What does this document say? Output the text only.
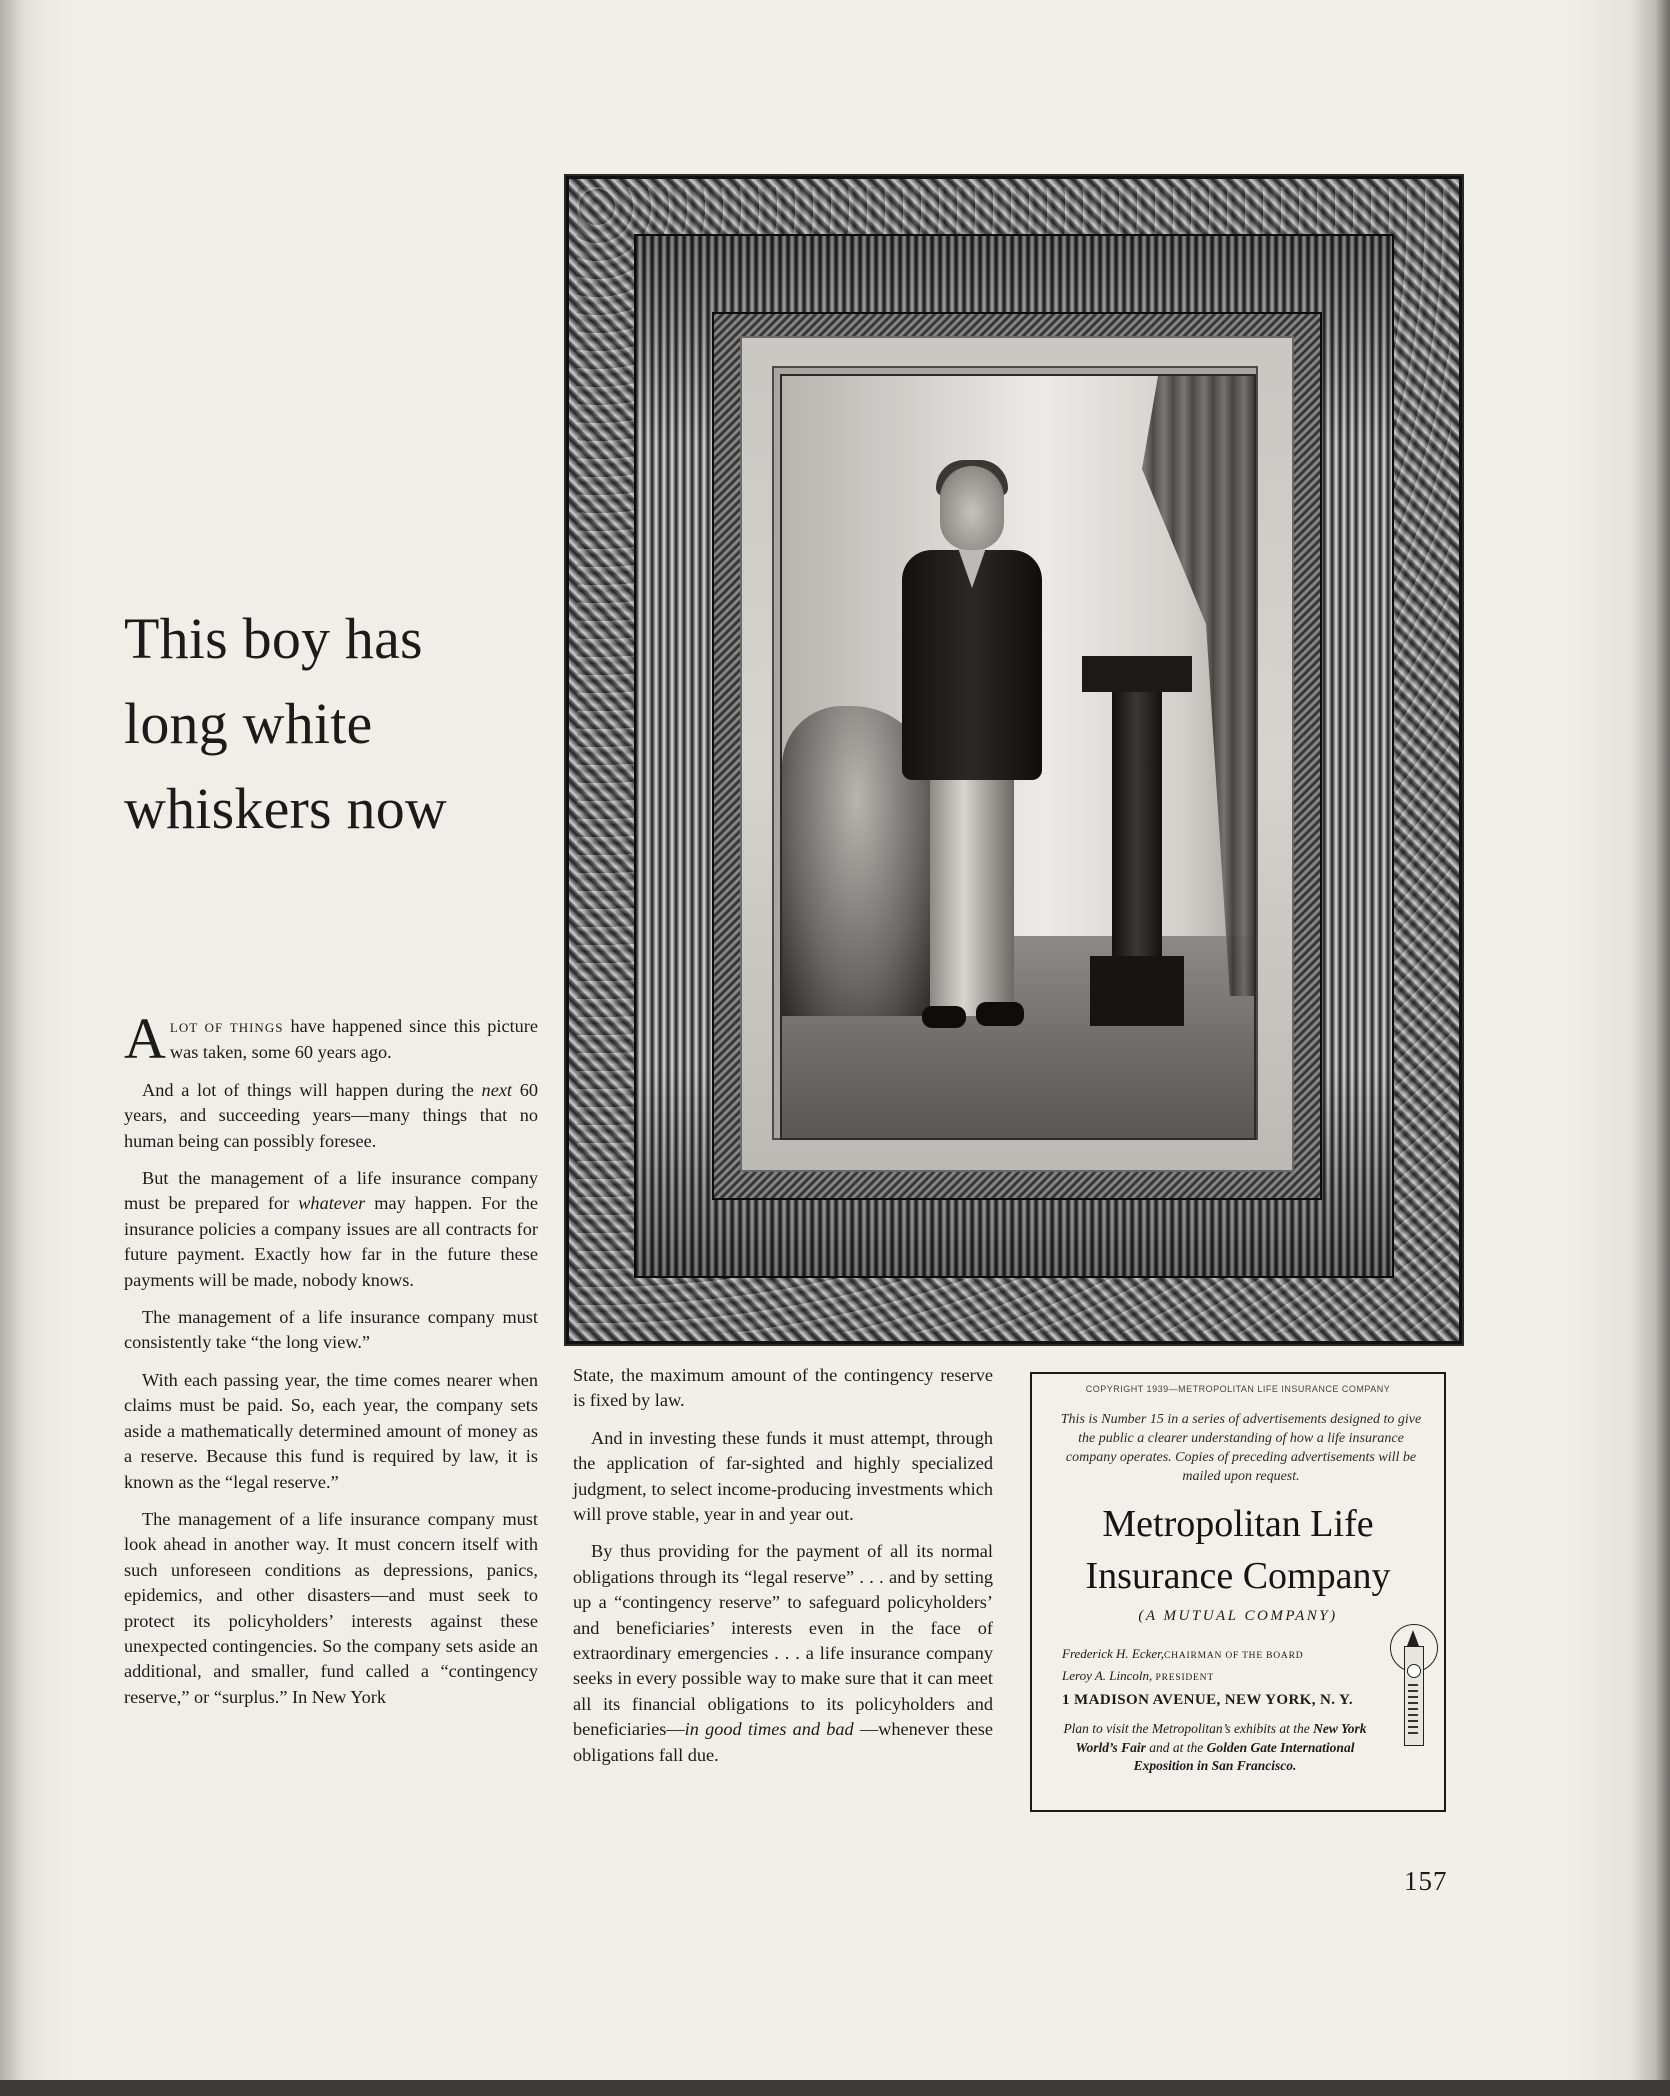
This boy has
long white
whiskers now

ALOT OF THINGS have happened since this picture was taken, some 60 years ago.

And a lot of things will happen during the next 60 years, and succeeding years—many things that no human being can possibly foresee.

But the management of a life insurance company must be prepared for whatever may happen. For the insurance policies a company issues are all contracts for future payment. Exactly how far in the future these payments will be made, nobody knows.

The management of a life insurance company must consistently take “the long view.”

With each passing year, the time comes nearer when claims must be paid. So, each year, the company sets aside a mathematically determined amount of money as a reserve. Because this fund is required by law, it is known as the “legal reserve.”

The management of a life insurance company must look ahead in another way. It must concern itself with such unforeseen conditions as depressions, panics, epidemics, and other disasters—and must seek to protect its policyholders’ interests against these unexpected contingencies. So the company sets aside an additional, and smaller, fund called a “contingency reserve,” or “surplus.” In New York

State, the maximum amount of the contingency reserve is fixed by law.

And in investing these funds it must attempt, through the application of far-sighted and highly specialized judgment, to select income-producing investments which will prove stable, year in and year out.

By thus providing for the payment of all its normal obligations through its “legal reserve” . . . and by setting up a “contingency reserve” to safeguard policyholders’ and beneficiaries’ interests even in the face of extraordinary emergencies . . . a life insurance company seeks in every possible way to make sure that it can meet all its financial obligations to its policyholders and beneficiaries—in good times and bad —whenever these obligations fall due.

COPYRIGHT 1939—METROPOLITAN LIFE INSURANCE COMPANY
This is Number 15 in a series of advertisements designed to give the public a clearer understanding of how a life insurance company operates. Copies of preceding advertisements will be mailed upon request.
Metropolitan Life
Insurance Company
(A MUTUAL COMPANY)
Frederick H. Ecker,CHAIRMAN OF THE BOARD
Leroy A. Lincoln, PRESIDENT
1 MADISON AVENUE, NEW YORK, N. Y.
Plan to visit the Metropolitan’s exhibits at the New York World’s Fair and at the Golden Gate International Exposition in San Francisco.
157
